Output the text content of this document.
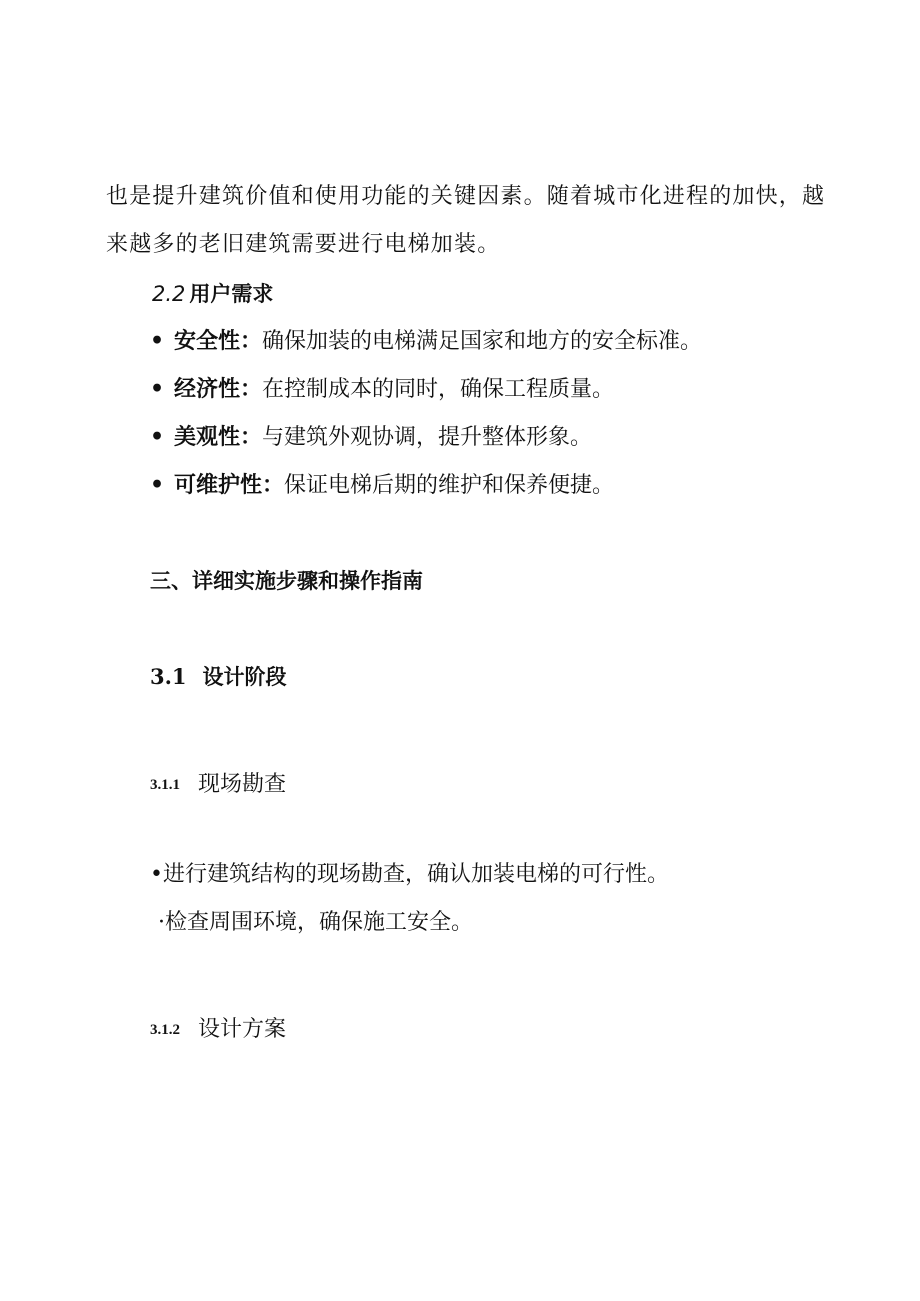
也是提升建筑价值和使用功能的关键因素。随着城市化进程的加快，越
来越多的老旧建筑需要进行电梯加装。
2.2 用户需求
• 安全性：确保加装的电梯满足国家和地方的安全标准。
• 经济性：在控制成本的同时，确保工程质量。
• 美观性：与建筑外观协调，提升整体形象。
• 可维护性：保证电梯后期的维护和保养便捷。
三、详细实施步骤和操作指南
3.1 设计阶段
3.1.1 现场勘查
•进行建筑结构的现场勘查，确认加装电梯的可行性。
·检查周围环境，确保施工安全。
3.1.2 设计方案
